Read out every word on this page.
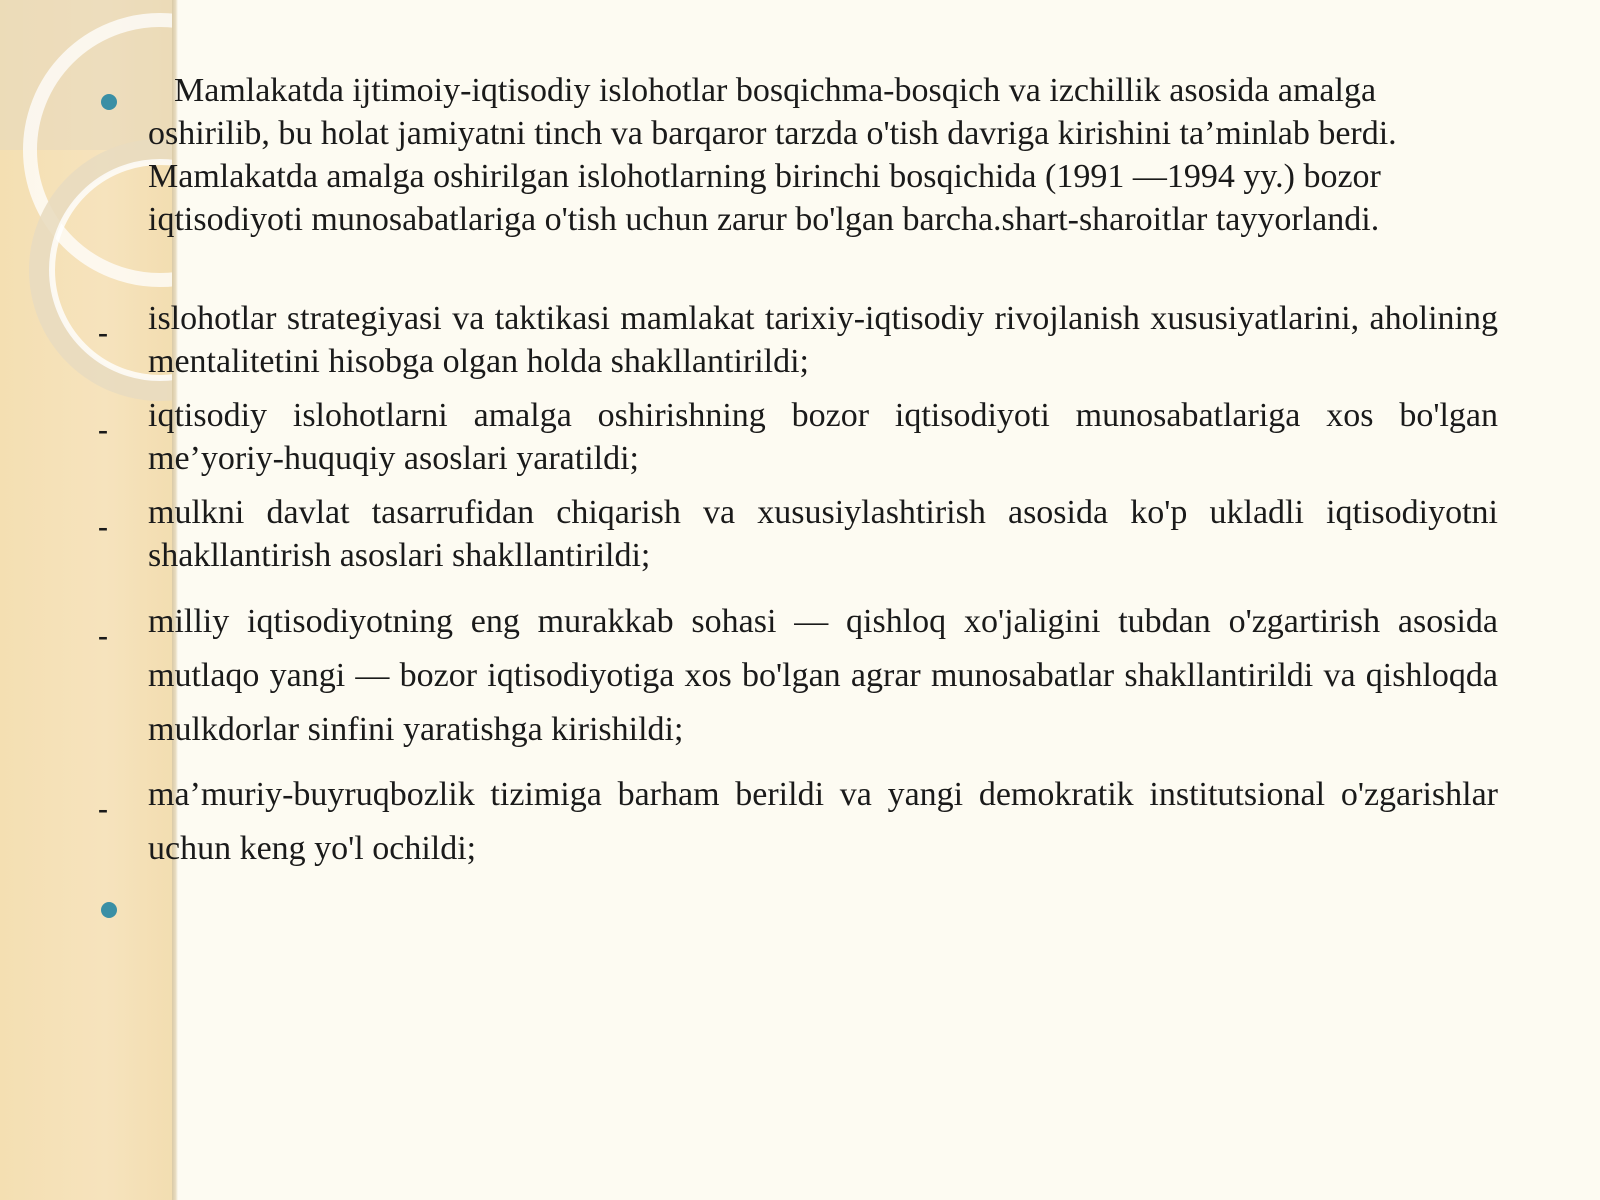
Mamlakatda ijtimoiy-iqtisodiy islohotlar bosqichma-bosqich va izchillik asosida amalga oshirilib, bu holat jamiyatni tinch va barqaror tarzda o'tish davriga kirishini ta’minlab berdi. Mamlakatda amalga oshirilgan islohotlarning birinchi bosqichida (1991 —1994 yy.) bozor iqtisodiyoti munosabatlariga o'tish uchun zarur bo'lgan barcha.shart-sharoitlar tayyorlandi.

- islohotlar strategiyasi va taktikasi mamlakat tarixiy-iqtisodiy rivojlanish xususiyatlarini, aholining mentalitetini hisobga olgan holda shakllantirildi;

- iqtisodiy islohotlarni amalga oshirishning bozor iqtisodiyoti munosabatlariga xos bo'lgan me’yoriy-huquqiy asoslari yaratildi;

- mulkni davlat tasarrufidan chiqarish va xususiylashtirish asosida ko'p ukladli iqtisodiyotni shakllantirish asoslari shakllantirildi;

- milliy iqtisodiyotning eng murakkab sohasi — qishloq xo'jaligini tubdan o'zgartirish asosida mutlaqo yangi — bozor iqtisodiyotiga xos bo'lgan agrar munosabatlar shakllantirildi va qishloqda mulkdorlar sinfini yaratishga kirishildi;

- ma’muriy-buyruqbozlik tizimiga barham berildi va yangi demokratik institutsional o'zgarishlar uchun keng yo'l ochildi;
